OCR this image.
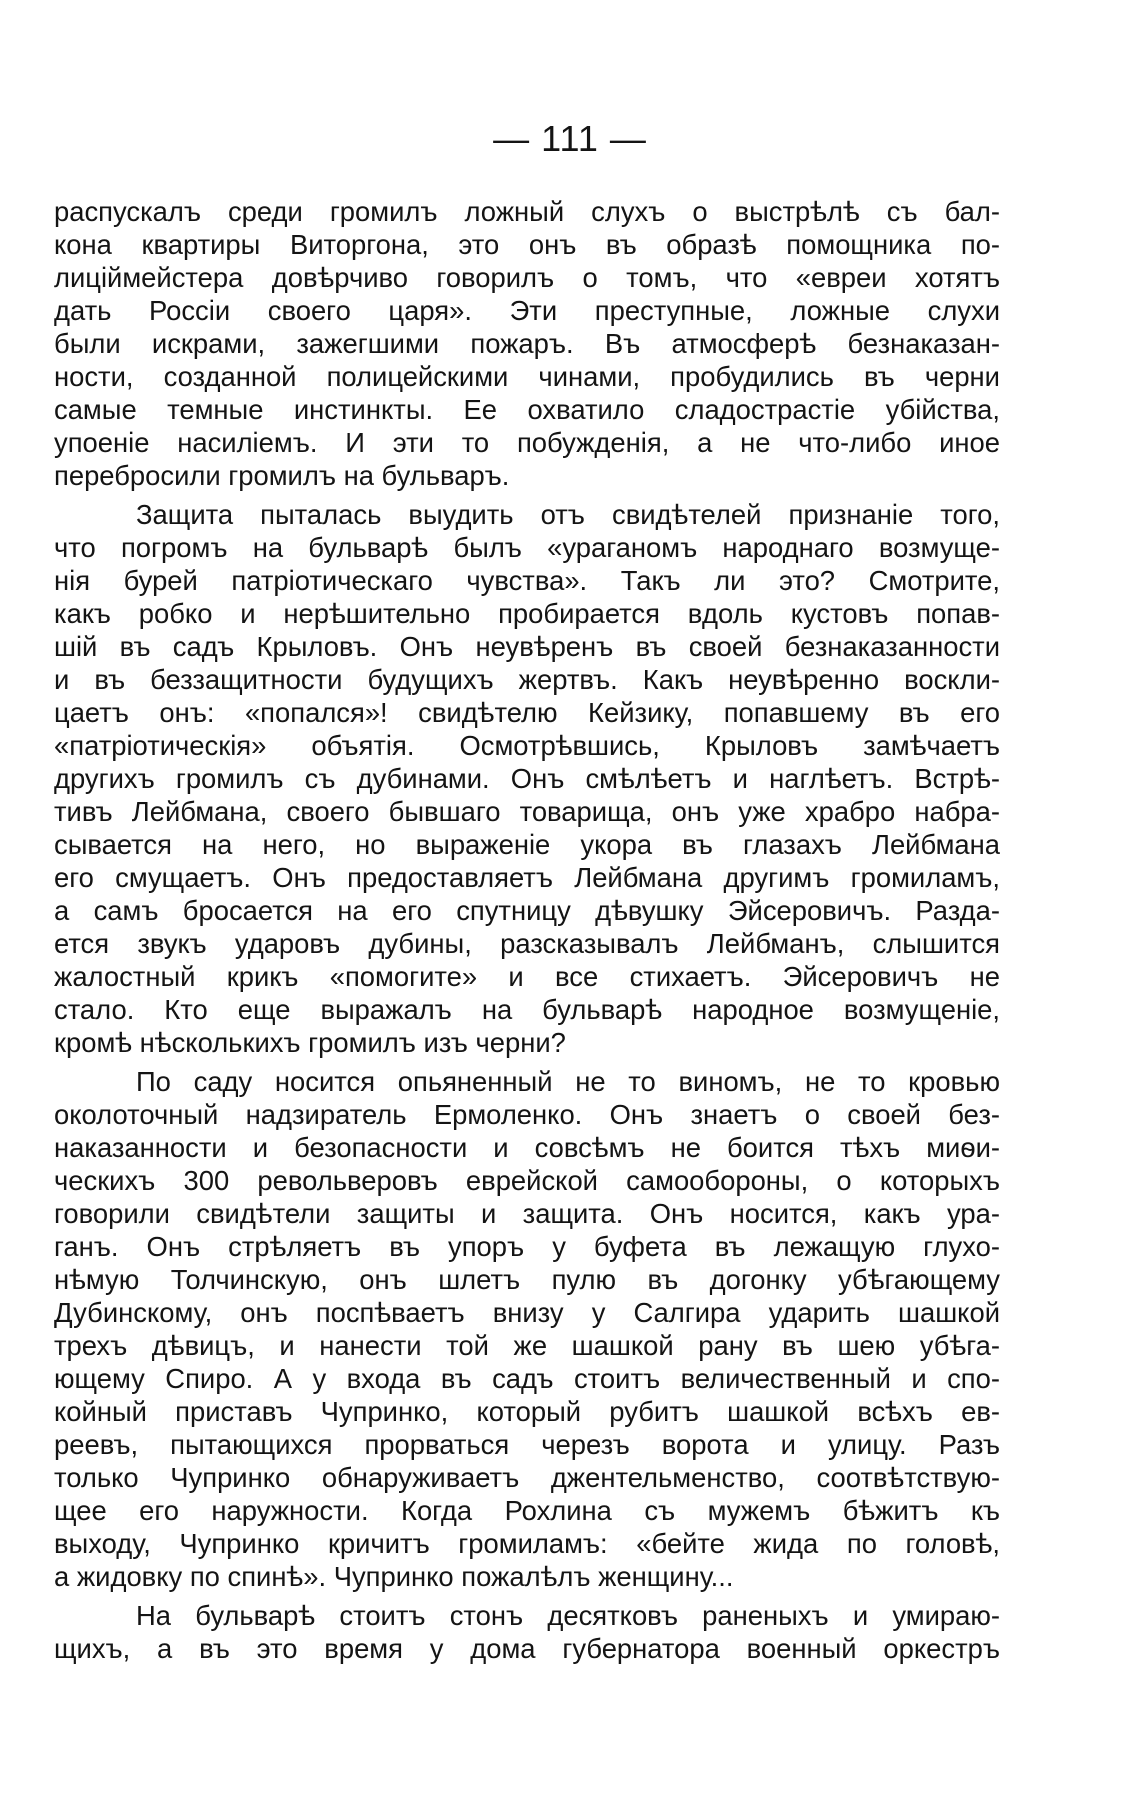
— 111 —

распускалъ среди громилъ ложный слухъ о выстрѣлѣ съ бал-
кона квартиры Виторгона, это онъ въ образѣ помощника по-
лиціймейстера довѣрчиво говорилъ о томъ, что «евреи хотятъ
дать Россіи своего царя». Эти преступные, ложные слухи
были искрами, зажегшими пожаръ. Въ атмосферѣ безнаказан-
ности, созданной полицейскими чинами, пробудились въ черни
самые темные инстинкты. Ее охватило сладострастіе убійства,
упоеніе насиліемъ. И эти то побужденія, а не что-либо иное
перебросили громилъ на бульваръ.

Защита пыталась выудить отъ свидѣтелей признаніе того,
что погромъ на бульварѣ былъ «ураганомъ народнаго возмуще-
нія бурей патріотическаго чувства». Такъ ли это? Смотрите,
какъ робко и нерѣшительно пробирается вдоль кустовъ попав-
шій въ садъ Крыловъ. Онъ неувѣренъ въ своей безнаказанности
и въ беззащитности будущихъ жертвъ. Какъ неувѣренно воскли-
цаетъ онъ: «попался»! свидѣтелю Кейзику, попавшему въ его
«патріотическія» объятія. Осмотрѣвшись, Крыловъ замѣчаетъ
другихъ громилъ съ дубинами. Онъ смѣлѣетъ и наглѣетъ. Встрѣ-
тивъ Лейбмана, своего бывшаго товарища, онъ уже храбро набра-
сывается на него, но выраженіе укора въ глазахъ Лейбмана
его смущаетъ. Онъ предоставляетъ Лейбмана другимъ громиламъ,
а самъ бросается на его спутницу дѣвушку Эйсеровичъ. Разда-
ется звукъ ударовъ дубины, разсказывалъ Лейбманъ, слышится
жалостный крикъ «помогите» и все стихаетъ. Эйсеровичъ не
стало. Кто еще выражалъ на бульварѣ народное возмущеніе,
кромѣ нѣсколькихъ громилъ изъ черни?

По саду носится опьяненный не то виномъ, не то кровью
околоточный надзиратель Ермоленко. Онъ знаетъ о своей без-
наказанности и безопасности и совсѣмъ не боится тѣхъ миѳи-
ческихъ 300 револьверовъ еврейской самообороны, о которыхъ
говорили свидѣтели защиты и защита. Онъ носится, какъ ура-
ганъ. Онъ стрѣляетъ въ упоръ у буфета въ лежащую глухо-
нѣмую Толчинскую, онъ шлетъ пулю въ догонку убѣгающему
Дубинскому, онъ поспѣваетъ внизу у Салгира ударить шашкой
трехъ дѣвицъ, и нанести той же шашкой рану въ шею убѣга-
ющему Спиро. А у входа въ садъ стоитъ величественный и спо-
койный приставъ Чупринко, который рубитъ шашкой всѣхъ ев-
реевъ, пытающихся прорваться черезъ ворота и улицу. Разъ
только Чупринко обнаруживаетъ джентельменство, соотвѣтствую-
щее его наружности. Когда Рохлина съ мужемъ бѣжитъ къ
выходу, Чупринко кричитъ громиламъ: «бейте жида по головѣ,
а жидовку по спинѣ». Чупринко пожалѣлъ женщину...

На бульварѣ стоитъ стонъ десятковъ раненыхъ и умираю-
щихъ, а въ это время у дома губернатора военный оркестръ
